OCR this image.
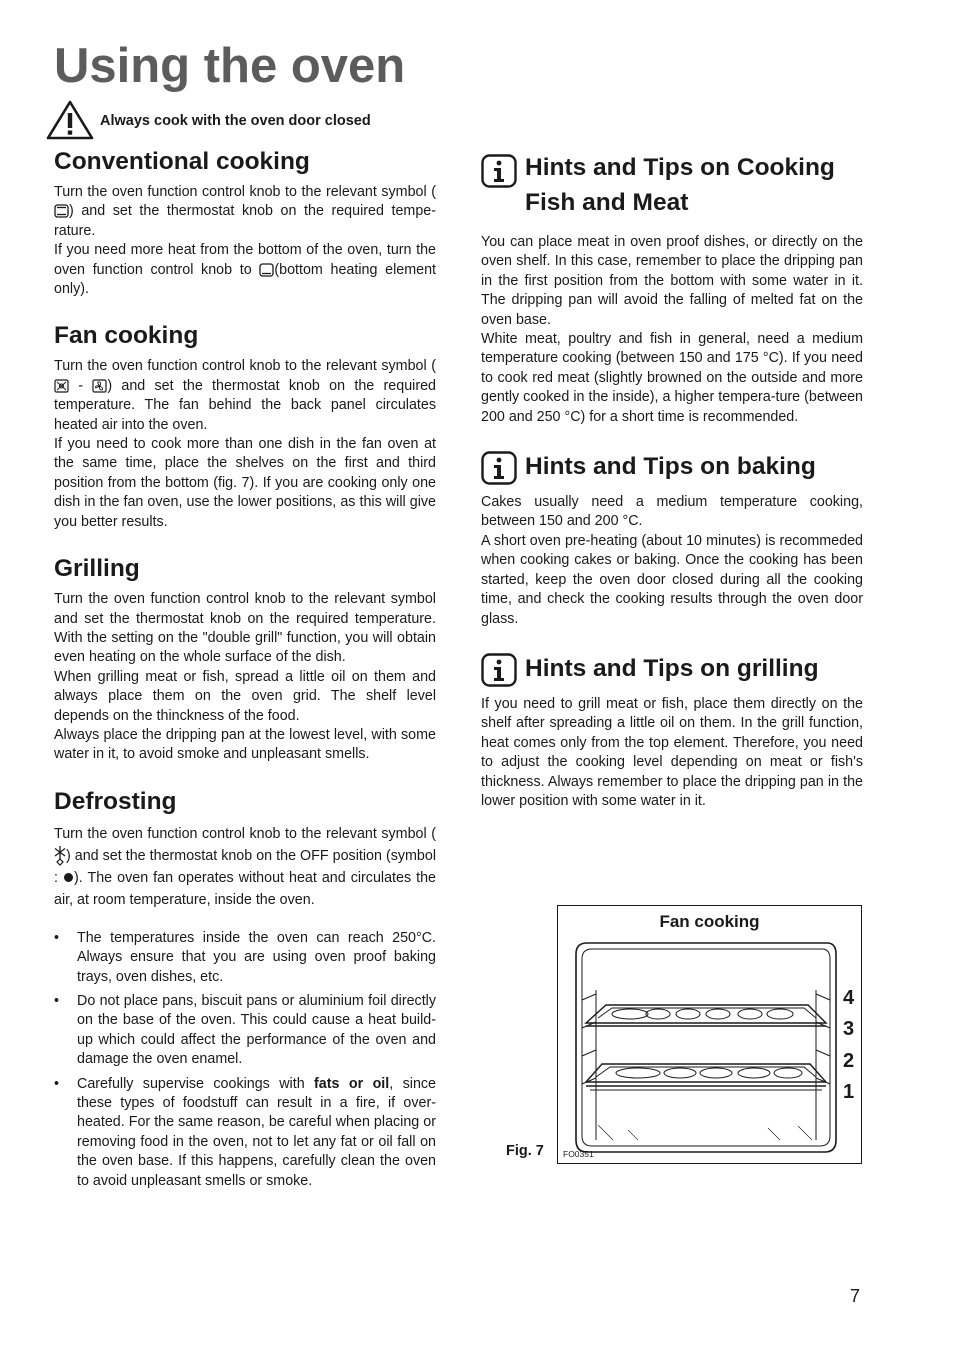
Using the oven
Always cook with the oven door closed
Conventional cooking

Turn the oven function control knob to the relevant symbol () and set the thermostat knob on the required tempe-rature.

If you need more heat from the bottom of the oven, turn the oven function control knob to (bottom heating element only).

Fan cooking

Turn the oven function control knob to the relevant symbol ( - ) and set the thermostat knob on the required temperature. The fan behind the back panel circulates heated air into the oven.

If you need to cook more than one dish in the fan oven at the same time, place the shelves on the first and third position from the bottom (fig. 7). If you are cooking only one dish in the fan oven, use the lower positions, as this will give you better results.

Grilling

Turn the oven function control knob to the relevant symbol and set the thermostat knob on the required temperature. With the setting on the "double grill" function, you will obtain even heating on the whole surface of the dish.

When grilling meat or fish, spread a little oil on them and always place them on the oven grid. The shelf level depends on the thinckness of the food.

Always place the dripping pan at the lowest level, with some water in it, to avoid smoke and unpleasant smells.

Defrosting

Turn the oven function control knob to the relevant symbol () and set the thermostat knob on the OFF position (symbol : ). The oven fan operates without heat and circulates the air, at room temperature, inside the oven.

• The temperatures inside the oven can reach 250°C. Always ensure that you are using oven proof baking trays, oven dishes, etc.
• Do not place pans, biscuit pans or aluminium foil directly on the base of the oven. This could cause a heat build-up which could affect the performance of the oven and damage the oven enamel.
• Carefully supervise cookings with fats or oil, since these types of foodstuff can result in a fire, if over-heated. For the same reason, be careful when placing or removing food in the oven, not to let any fat or oil fall on the oven base. If this happens, carefully clean the oven to avoid unpleasant smells or smoke.
Hints and Tips on Cooking
Fish and Meat

You can place meat in oven proof dishes, or directly on the oven shelf. In this case, remember to place the dripping pan in the first position from the bottom with some water in it. The dripping pan will avoid the falling of melted fat on the oven base.

White meat, poultry and fish in general, need a medium temperature cooking (between 150 and 175 °C). If you need to cook red meat (slightly browned on the outside and more gently cooked in the inside), a higher tempera-ture (between 200 and 250 °C) for a short time is recommended.

Hints and Tips on baking

Cakes usually need a medium temperature cooking, between 150 and 200 °C.

A short oven pre-heating (about 10 minutes) is recommeded when cooking cakes or baking. Once the cooking has been started, keep the oven door closed during all the cooking time, and check the cooking results through the oven door glass.

Hints and Tips on grilling

If you need to grill meat or fish, place them directly on the shelf after spreading a little oil on them. In the grill function, heat comes only from the top element. Therefore, you need to adjust the cooking level depending on meat or fish's thickness. Always remember to place the dripping pan in the lower position with some water in it.

Fig. 7
Fan cooking
4
3
2
1
FO0351
7
